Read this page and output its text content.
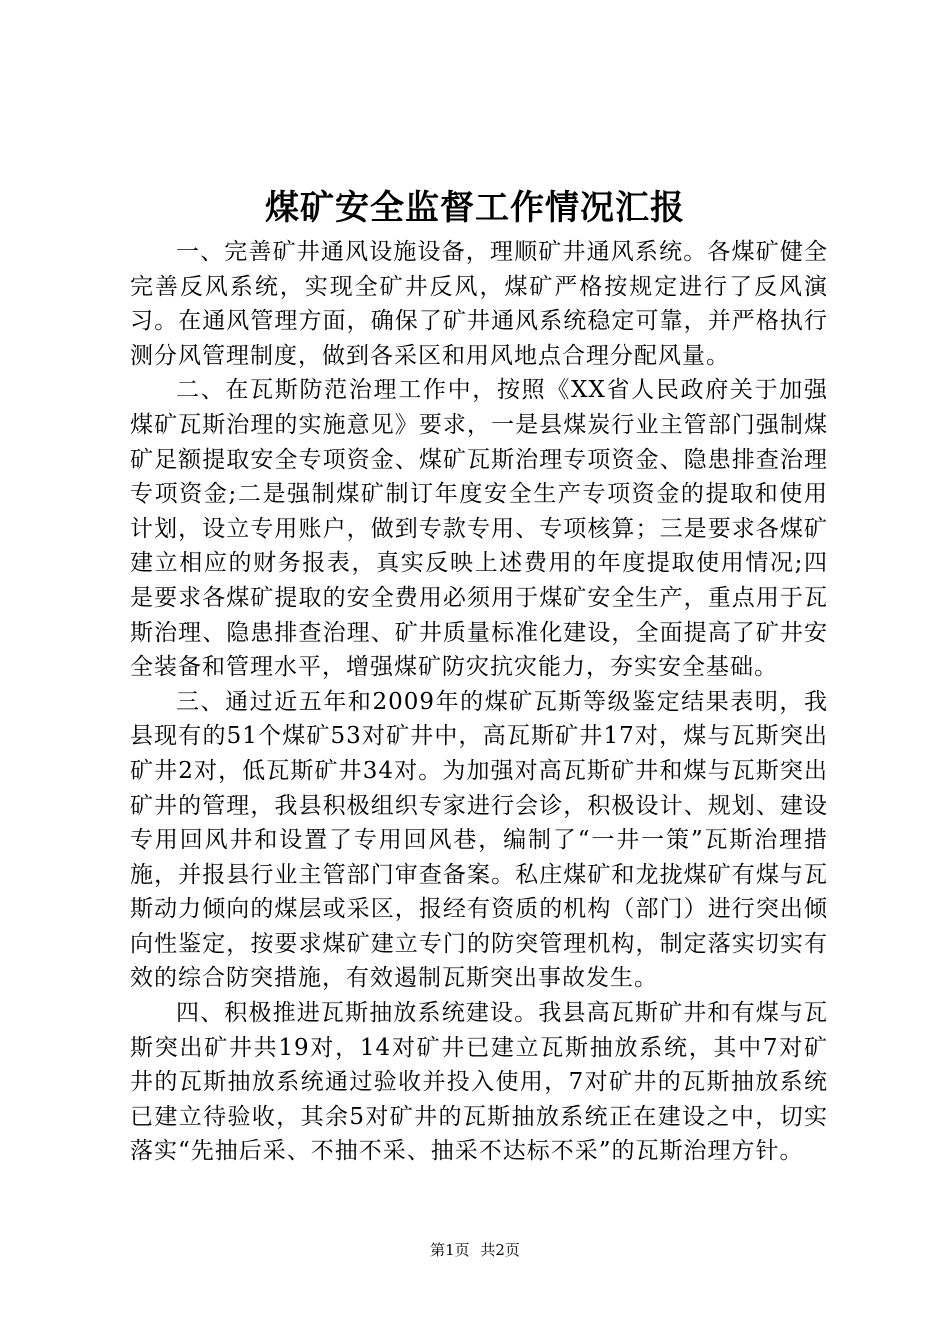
煤矿安全监督工作情况汇报

一、完善矿井通风设施设备，理顺矿井通风系统。各煤矿健全完善反风系统，实现全矿井反风，煤矿严格按规定进行了反风演习。在通风管理方面，确保了矿井通风系统稳定可靠，并严格执行测分风管理制度，做到各采区和用风地点合理分配风量。

二、在瓦斯防范治理工作中，按照《XX省人民政府关于加强煤矿瓦斯治理的实施意见》要求，一是县煤炭行业主管部门强制煤矿足额提取安全专项资金、煤矿瓦斯治理专项资金、隐患排查治理专项资金;二是强制煤矿制订年度安全生产专项资金的提取和使用计划，设立专用账户，做到专款专用、专项核算；三是要求各煤矿建立相应的财务报表，真实反映上述费用的年度提取使用情况;四是要求各煤矿提取的安全费用必须用于煤矿安全生产，重点用于瓦斯治理、隐患排查治理、矿井质量标准化建设，全面提高了矿井安全装备和管理水平，增强煤矿防灾抗灾能力，夯实安全基础。

三、通过近五年和2009年的煤矿瓦斯等级鉴定结果表明，我县现有的51个煤矿53对矿井中，高瓦斯矿井17对，煤与瓦斯突出矿井2对，低瓦斯矿井34对。为加强对高瓦斯矿井和煤与瓦斯突出矿井的管理，我县积极组织专家进行会诊，积极设计、规划、建设专用回风井和设置了专用回风巷，编制了“一井一策”瓦斯治理措施，并报县行业主管部门审查备案。私庄煤矿和龙拢煤矿有煤与瓦斯动力倾向的煤层或采区，报经有资质的机构（部门）进行突出倾向性鉴定，按要求煤矿建立专门的防突管理机构，制定落实切实有效的综合防突措施，有效遏制瓦斯突出事故发生。

四、积极推进瓦斯抽放系统建设。我县高瓦斯矿井和有煤与瓦斯突出矿井共19对，14对矿井已建立瓦斯抽放系统，其中7对矿井的瓦斯抽放系统通过验收并投入使用，7对矿井的瓦斯抽放系统已建立待验收，其余5对矿井的瓦斯抽放系统正在建设之中，切实落实“先抽后采、不抽不采、抽采不达标不采”的瓦斯治理方针。

第1页 共2页
